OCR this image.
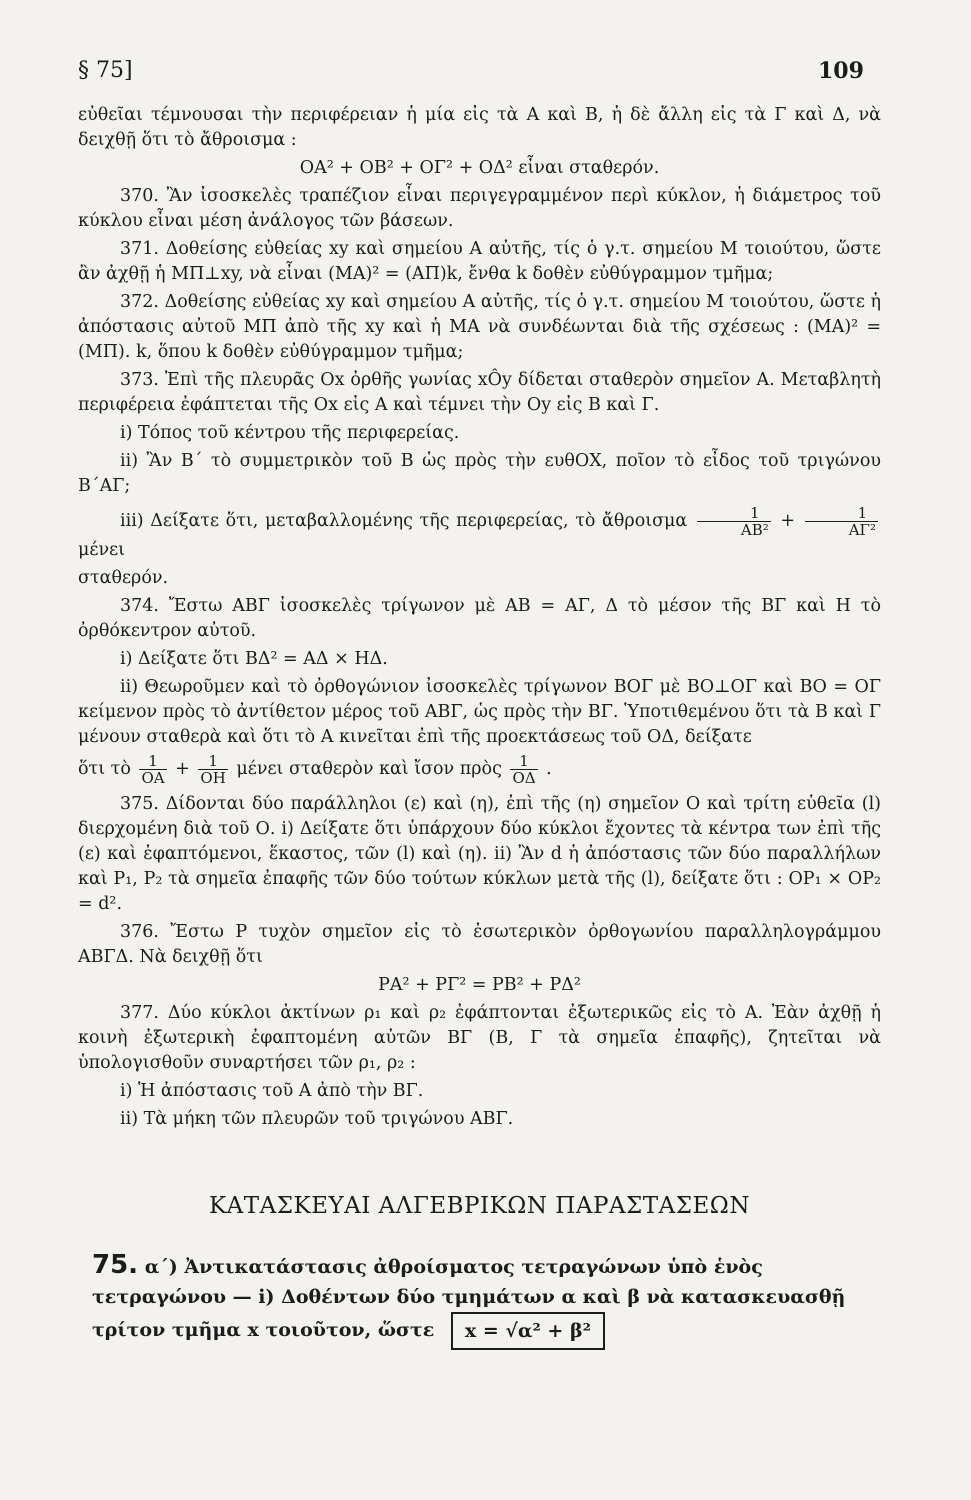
§ 75]	109

εὐθεῖαι τέμνουσαι τὴν περιφέρειαν ἡ μία εἰς τὰ Α καὶ Β, ἡ δὲ ἄλλη εἰς τὰ Γ καὶ Δ, νὰ δειχθῇ ὅτι τὸ ἄθροισμα :

ΟΑ² + ΟΒ² + ΟΓ² + ΟΔ² εἶναι σταθερόν.

370. Ἂν ἰσοσκελὲς τραπέζιον εἶναι περιγεγραμμένον περὶ κύκλον, ἡ διάμετρος τοῦ κύκλου εἶναι μέση ἀνάλογος τῶν βάσεων.

371. Δοθείσης εὐθείας xy καὶ σημείου Α αὐτῆς, τίς ὁ γ.τ. σημείου Μ τοιούτου, ὥστε ἂν ἀχθῇ ἡ ΜΠ⊥xy, νὰ εἶναι (ΜΑ)² = (ΑΠ)k, ἔνθα k δοθὲν εὐθύγραμμον τμῆμα;

372. Δοθείσης εὐθείας xy καὶ σημείου Α αὐτῆς, τίς ὁ γ.τ. σημείου Μ τοιούτου, ὥστε ἡ ἀπόστασις αὐτοῦ ΜΠ ἀπὸ τῆς xy καὶ ἡ ΜΑ νὰ συνδέωνται διὰ τῆς σχέσεως : (ΜΑ)² = (ΜΠ). k, ὅπου k δοθὲν εὐθύγραμμον τμῆμα;

373. Ἐπὶ τῆς πλευρᾶς Οx ὀρθῆς γωνίας xÔy δίδεται σταθερὸν σημεῖον Α. Μεταβλητὴ περιφέρεια ἐφάπτεται τῆς Οx εἰς Α καὶ τέμνει τὴν Οy εἰς Β καὶ Γ.

i) Τόπος τοῦ κέντρου τῆς περιφερείας.

ii) Ἂν Β΄ τὸ συμμετρικὸν τοῦ Β ὡς πρὸς τὴν ευθΟΧ, ποῖον τὸ εἶδος τοῦ τριγώνου Β΄ΑΓ;

iii) Δείξατε ὅτι, μεταβαλλομένης τῆς περιφερείας, τὸ ἄθροισμα $\frac{1}{\text{ΑΒ²}} + \frac{1}{\text{ΑΓ²}}$
μένει

σταθερόν.

374. Ἔστω ΑΒΓ ἰσοσκελὲς τρίγωνον μὲ ΑΒ = ΑΓ, Δ τὸ μέσον τῆς ΒΓ καὶ Η τὸ ὀρθόκεντρον αὐτοῦ.

i) Δείξατε ὅτι ΒΔ² = ΑΔ × ΗΔ.

ii) Θεωροῦμεν καὶ τὸ ὀρθογώνιον ἰσοσκελὲς τρίγωνον ΒΟΓ μὲ ΒΟ⊥ΟΓ καὶ ΒΟ = ΟΓ κείμενον πρὸς τὸ ἀντίθετον μέρος τοῦ ΑΒΓ, ὡς πρὸς τὴν ΒΓ. Ὑποτιθεμένου ὅτι τὰ Β καὶ Γ μένουν σταθερὰ καὶ ὅτι τὸ Α κινεῖται ἐπὶ τῆς προεκτάσεως τοῦ ΟΔ, δείξατε

ὅτι τὸ $\frac{1}{OA} + \frac{1}{OH}$ μένει σταθερὸν καὶ ἴσον πρὸς $\frac{1}{O\Delta}$ .

375. Δίδονται δύο παράλληλοι (ε) καὶ (η), ἐπὶ τῆς (η) σημεῖον Ο καὶ τρίτη εὐθεῖα (l) διερχομένη διὰ τοῦ Ο. i) Δείξατε ὅτι ὑπάρχουν δύο κύκλοι ἔχοντες τὰ κέντρα των ἐπὶ τῆς (ε) καὶ ἐφαπτόμενοι, ἕκαστος, τῶν (l) καὶ (η). ii) Ἂν d ἡ ἀπόστασις τῶν δύο παραλλήλων καὶ Ρ₁, Ρ₂ τὰ σημεῖα ἐπαφῆς τῶν δύο τούτων κύκλων μετὰ τῆς (l), δείξατε ὅτι : ΟΡ₁ × ΟΡ₂ = d².

376. Ἔστω Ρ τυχὸν σημεῖον εἰς τὸ ἐσωτερικὸν ὀρθογωνίου παραλληλογράμμου ΑΒΓΔ. Νὰ δειχθῇ ὅτι

ΡΑ² + ΡΓ² = ΡΒ² + ΡΔ²

377. Δύο κύκλοι ἀκτίνων ρ₁ καὶ ρ₂ ἐφάπτονται ἐξωτερικῶς εἰς τὸ Α. Ἐὰν ἀχθῇ ἡ κοινὴ ἐξωτερικὴ ἐφαπτομένη αὐτῶν ΒΓ (Β, Γ τὰ σημεῖα ἐπαφῆς), ζητεῖται νὰ ὑπολογισθοῦν συναρτήσει τῶν ρ₁, ρ₂ :

i) Ἡ ἀπόστασις τοῦ Α ἀπὸ τὴν ΒΓ.

ii) Τὰ μήκη τῶν πλευρῶν τοῦ τριγώνου ΑΒΓ.

ΚΑΤΑΣΚΕΥΑΙ ΑΛΓΕΒΡΙΚΩΝ ΠΑΡΑΣΤΑΣΕΩΝ
75. α΄) Ἀντικατάστασις ἀθροίσματος τετραγώνων ὑπὸ ἑνὸς τετραγώνου — i) Δοθέντων δύο τμημάτων α καὶ β νὰ κατασκευασθῇ τρίτον τμῆμα x τοιοῦτον, ὥστε x = √α² + β²
